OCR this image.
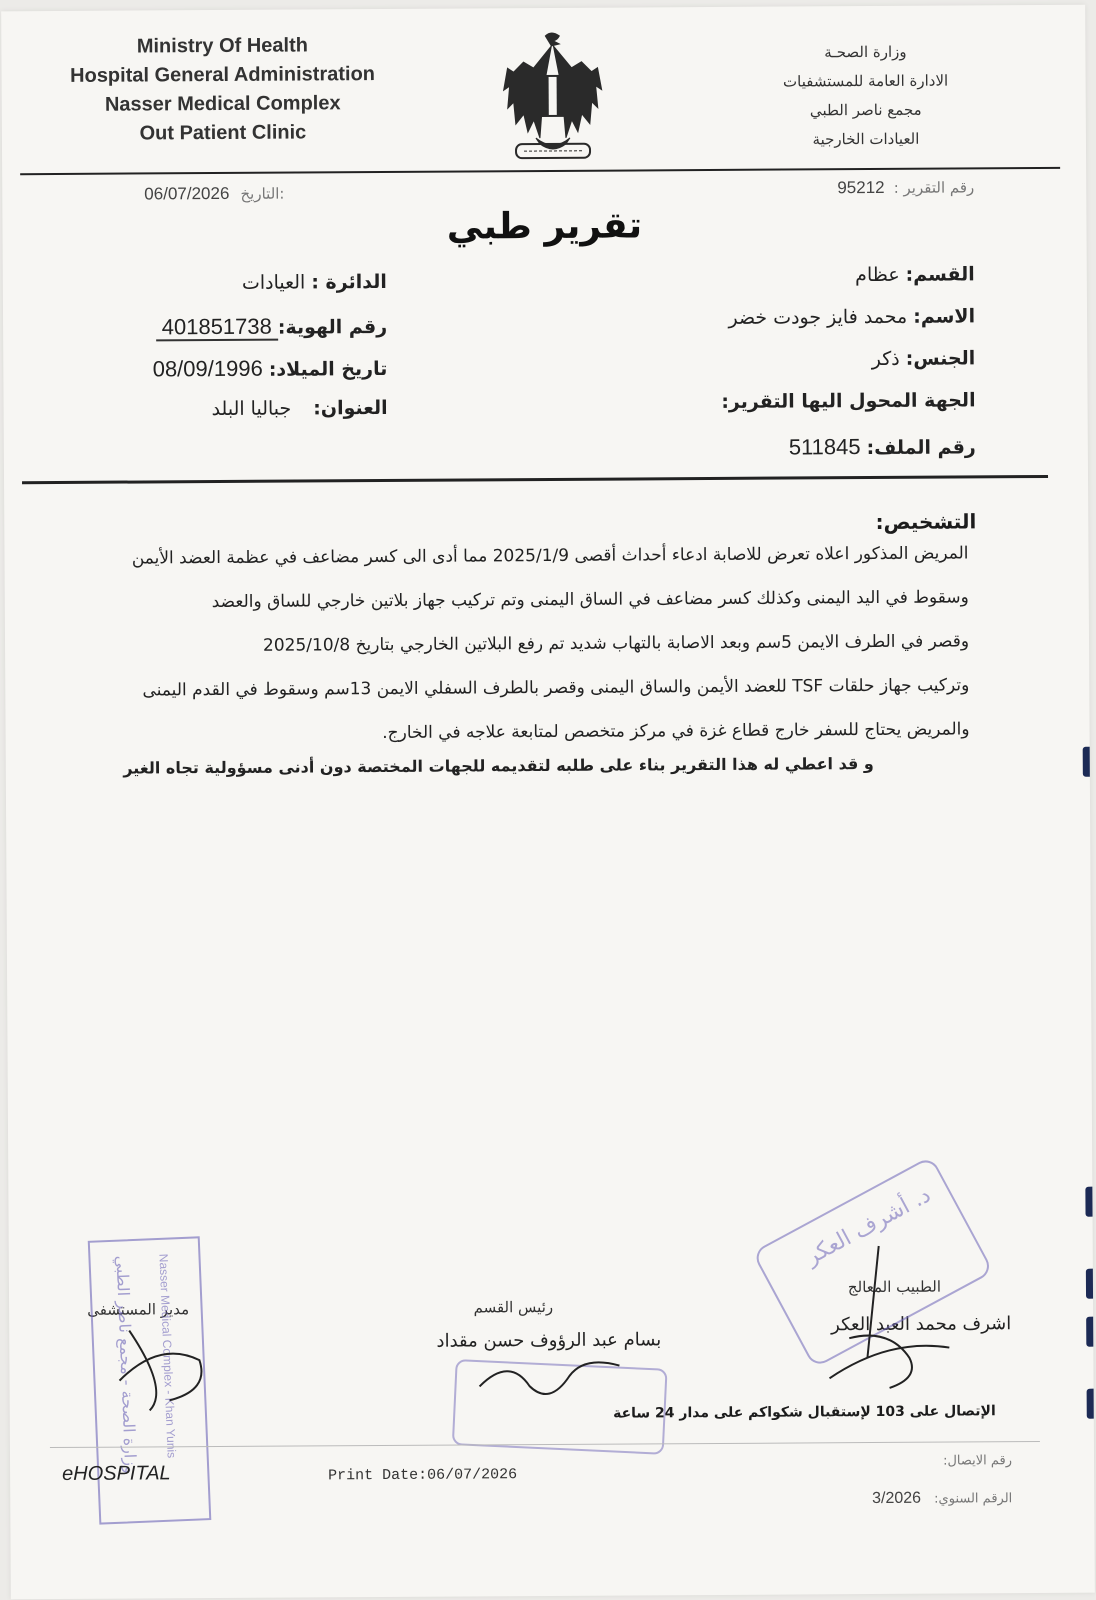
Ministry Of Health
Hospital General Administration
Nasser Medical Complex
Out Patient Clinic
وزارة الصحـة
الادارة العامة للمستشفيات
مجمع ناصر الطبي
العيادات الخارجية
06/07/2026 التاريخ:	رقم التقرير : 95212
تقرير طبي
القسم:عظام
الاسم:محمد فايز جودت خضر
الجنس:ذكر
الجهة المحول اليها التقرير:
رقم الملف:511845
الدائرة :العيادات
رقم الهوية:401851738
تاريخ الميلاد:08/09/1996
العنوان:جباليا البلد
التشخيص:
المريض المذكور اعلاه تعرض للاصابة ادعاء أحداث أقصى 2025/1/9 مما أدى الى كسر مضاعف في عظمة العضد الأيمن
وسقوط في اليد اليمنى وكذلك كسر مضاعف في الساق اليمنى وتم تركيب جهاز بلاتين خارجي للساق والعضد
وقصر في الطرف الايمن 5سم وبعد الاصابة بالتهاب شديد تم رفع البلاتين الخارجي بتاريخ 2025/10/8
وتركيب جهاز حلقات TSF للعضد الأيمن والساق اليمنى وقصر بالطرف السفلي الايمن 13سم وسقوط في القدم اليمنى
والمريض يحتاج للسفر خارج قطاع غزة في مركز متخصص لمتابعة علاجه في الخارج.
و قد اعطي له هذا التقرير بناء على طلبه لتقديمه للجهات المختصة دون أدنى مسؤولية تجاه الغير
الطبيب المعالج
اشرف محمد العبد العكر
د. أشرف العكر
رئيس القسم
بسام عبد الرؤوف حسن مقداد
مدير المستشفى
وزارة الصحة - مجمع ناصر الطبي Nasser Medical Complex - Khan Yunis	الإتصال على 103 لإستقبال شكواكم على مدار 24 ساعة
Print Date:06/07/2026
رقم الايصال:
الرقم السنوي: 3/2026
eHOSPITAL
